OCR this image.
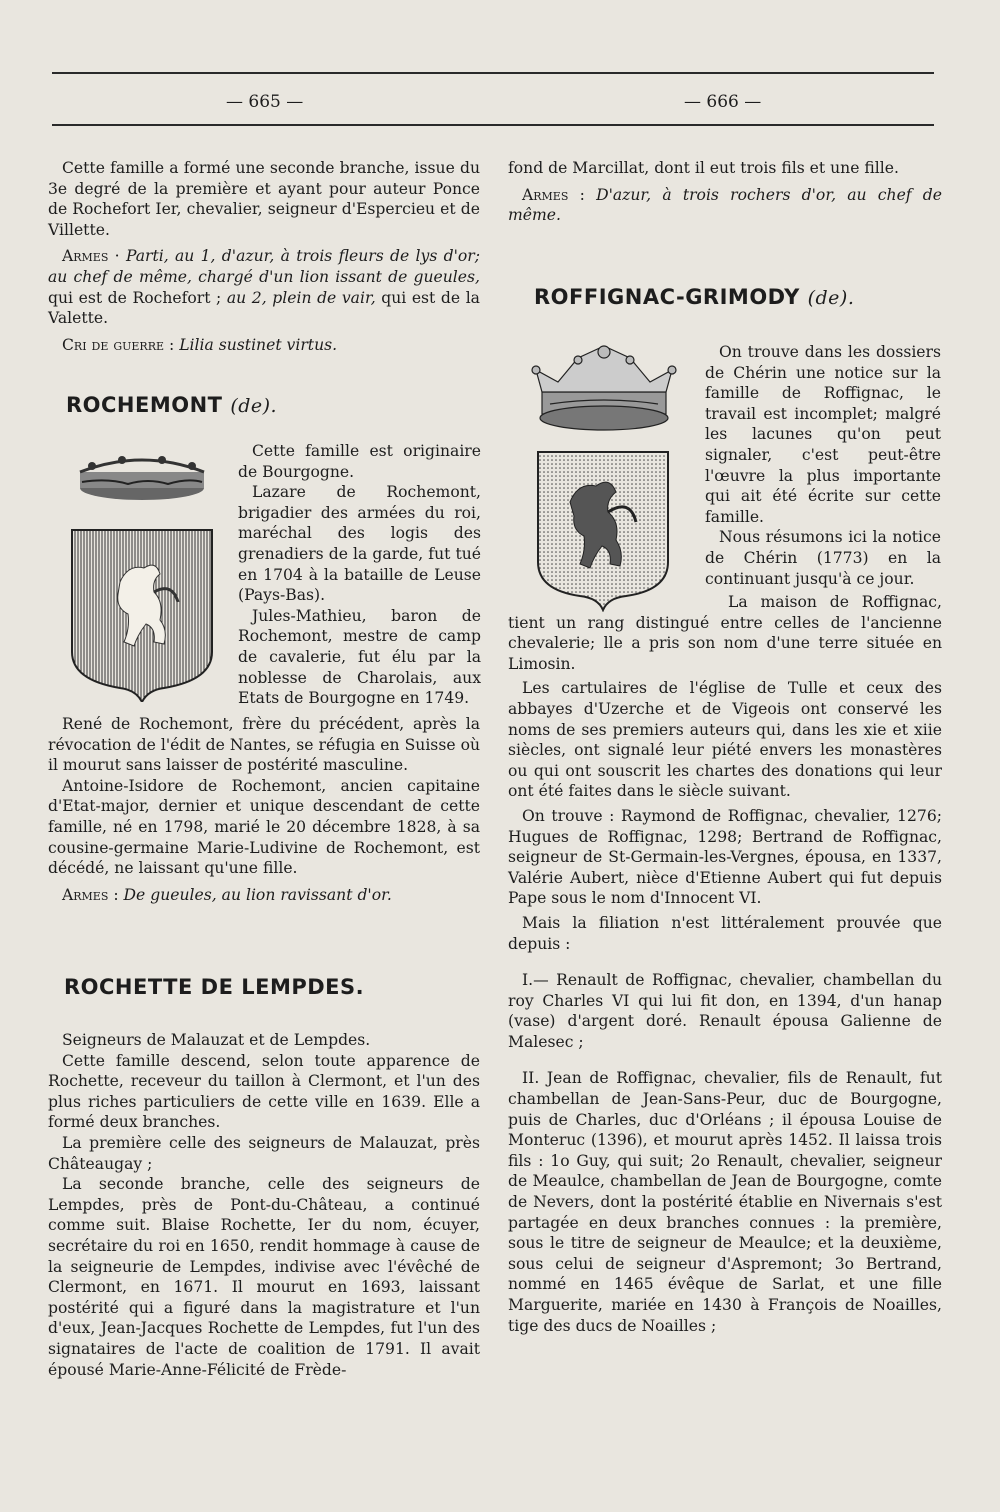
— 665 —	— 666 —

Cette famille a formé une seconde branche, issue du 3e degré de la première et ayant pour auteur Ponce de Rochefort Ier, chevalier, seigneur d'Espercieu et de Villette.

Armes · Parti, au 1, d'azur, à trois fleurs de lys d'or; au chef de même, chargé d'un lion issant de gueules, qui est de Rochefort ; au 2, plein de vair, qui est de la Valette.

Cri de guerre : Lilia sustinet virtus.

ROCHEMONT (de).

Cette famille est originaire de Bourgogne.

Lazare de Rochemont, brigadier des armées du roi, maréchal des logis des grenadiers de la garde, fut tué en 1704 à la bataille de Leuse (Pays-Bas).

Jules-Mathieu, baron de Rochemont, mestre de camp de cavalerie, fut élu par la noblesse de Charolais, aux Etats de Bourgogne en 1749.

René de Rochemont, frère du précédent, après la révocation de l'édit de Nantes, se réfugia en Suisse où il mourut sans laisser de postérité masculine.

Antoine-Isidore de Rochemont, ancien capitaine d'Etat-major, dernier et unique descendant de cette famille, né en 1798, marié le 20 décembre 1828, à sa cousine-germaine Marie-Ludivine de Rochemont, est décédé, ne laissant qu'une fille.

Armes : De gueules, au lion ravissant d'or.

ROCHETTE DE LEMPDES.

Seigneurs de Malauzat et de Lempdes.

Cette famille descend, selon toute apparence de Rochette, receveur du taillon à Clermont, et l'un des plus riches particuliers de cette ville en 1639. Elle a formé deux branches.

La première celle des seigneurs de Malauzat, près Châteaugay ;

La seconde branche, celle des seigneurs de Lempdes, près de Pont-du-Château, a continué comme suit. Blaise Rochette, Ier du nom, écuyer, secrétaire du roi en 1650, rendit hommage à cause de la seigneurie de Lempdes, indivise avec l'évêché de Clermont, en 1671. Il mourut en 1693, laissant postérité qui a figuré dans la magistrature et l'un d'eux, Jean-Jacques Rochette de Lempdes, fut l'un des signataires de l'acte de coalition de 1791. Il avait épousé Marie-Anne-Félicité de Frède-

fond de Marcillat, dont il eut trois fils et une fille.

Armes : D'azur, à trois rochers d'or, au chef de même.

ROFFIGNAC-GRIMODY (de).

On trouve dans les dossiers de Chérin une notice sur la famille de Roffignac, le travail est incomplet; malgré les lacunes qu'on peut signaler, c'est peut-être l'œuvre la plus importante qui ait été écrite sur cette famille.

Nous résumons ici la notice de Chérin (1773) en la continuant jusqu'à ce jour.

La maison de Roffignac, tient un rang distingué entre celles de l'ancienne chevalerie; lle a pris son nom d'une terre située en Limosin.

Les cartulaires de l'église de Tulle et ceux des abbayes d'Uzerche et de Vigeois ont conservé les noms de ses premiers auteurs qui, dans les xie et xiie siècles, ont signalé leur piété envers les monastères ou qui ont souscrit les chartes des donations qui leur ont été faites dans le siècle suivant.

On trouve : Raymond de Roffignac, chevalier, 1276; Hugues de Roffignac, 1298; Bertrand de Roffignac, seigneur de St-Germain-les-Vergnes, épousa, en 1337, Valérie Aubert, nièce d'Etienne Aubert qui fut depuis Pape sous le nom d'Innocent VI.

Mais la filiation n'est littéralement prouvée que depuis :

I.— Renault de Roffignac, chevalier, chambellan du roy Charles VI qui lui fit don, en 1394, d'un hanap (vase) d'argent doré. Renault épousa Galienne de Malesec ;

II. Jean de Roffignac, chevalier, fils de Renault, fut chambellan de Jean-Sans-Peur, duc de Bourgogne, puis de Charles, duc d'Orléans ; il épousa Louise de Monteruc (1396), et mourut après 1452. Il laissa trois fils : 1o Guy, qui suit; 2o Renault, chevalier, seigneur de Meaulce, chambellan de Jean de Bourgogne, comte de Nevers, dont la postérité établie en Nivernais s'est partagée en deux branches connues : la première, sous le titre de seigneur de Meaulce; et la deuxième, sous celui de seigneur d'Aspremont; 3o Bertrand, nommé en 1465 évêque de Sarlat, et une fille Marguerite, mariée en 1430 à François de Noailles, tige des ducs de Noailles ;
